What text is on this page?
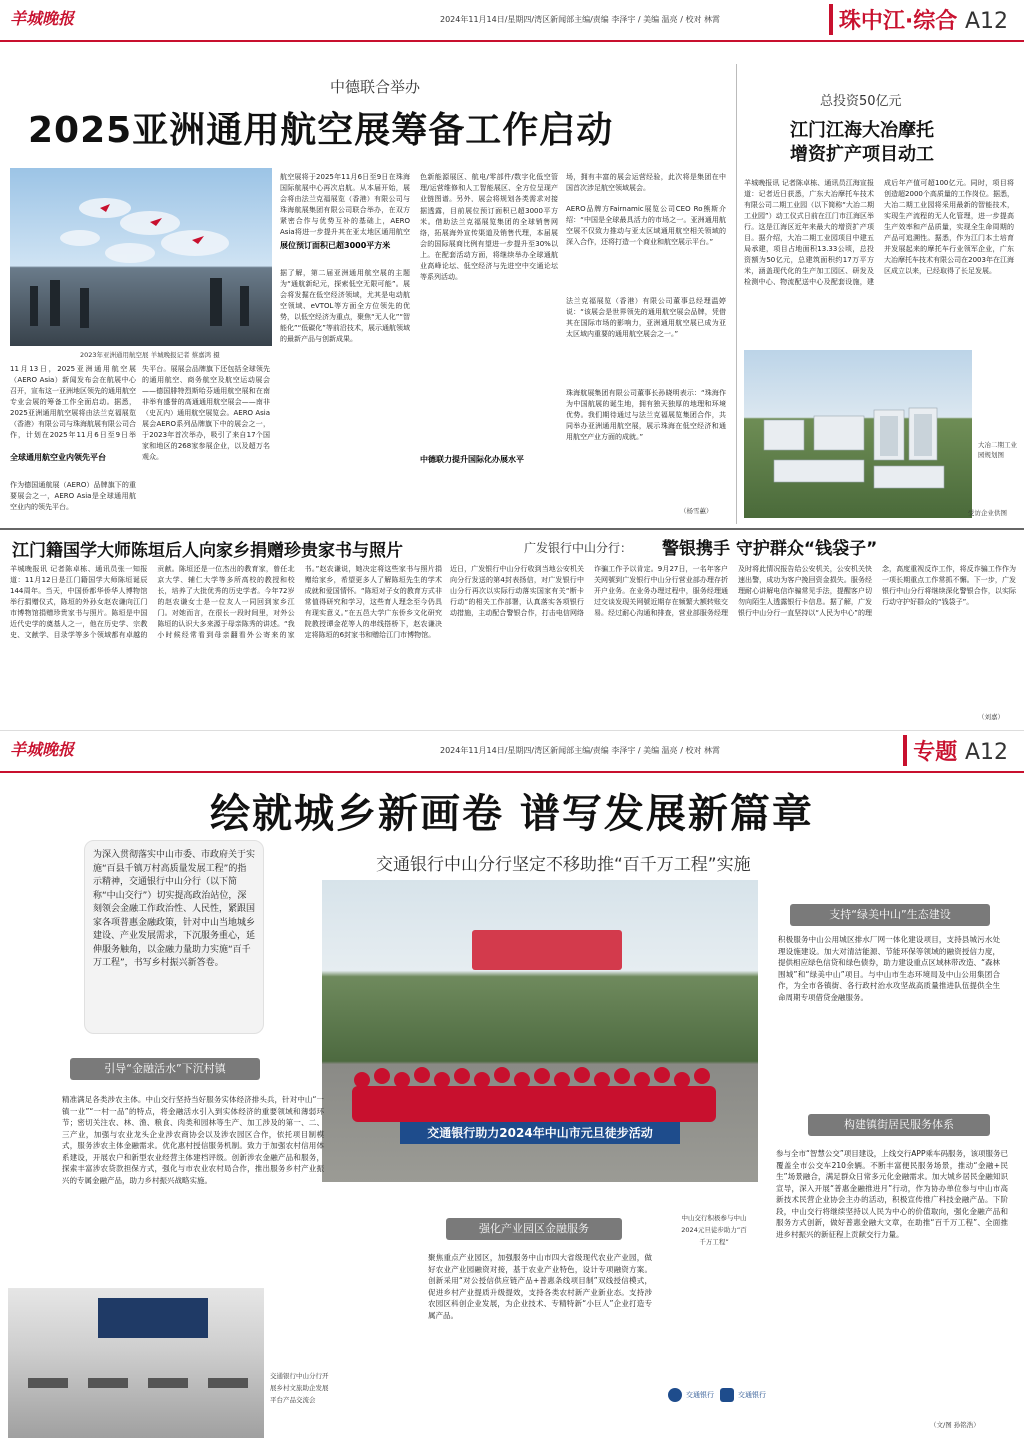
羊城晚报	2024年11月14日/星期四/湾区新闻部主编/责编 李泽宇 / 美编 温亮 / 校对 林霄	珠中江·综合 A12
中德联合举办
2025亚洲通用航空展筹备工作启动
2023年亚洲通用航空展 羊城晚报记者 蔡嘉鸿 摄
11月13日，2025亚洲通用航空展（AERO Asia）新闻发布会在航展中心召开，宣布这一亚洲地区领先的通用航空专业会展的筹备工作全面启动。据悉，2025亚洲通用航空展将由法兰克福展览（香港）有限公司与珠海航展有限公司合作，计划在2025年11月6日至9日举
全球通用航空业内领先平台
作为德国通航展（AERO）品牌旗下的重要展会之一，AERO Asia是全球通用航空业内的领先平台。
失平台。展展会品牌旗下还包括全球领先的通用航空、商务航空及航空运动展会——德国腓特烈斯哈芬通用航空展和在南非举有盛誉的高通通用航空展会——南非（史瓦内）通用航空展览会。AERO Asia展会AERO系列品牌旗下中的展会之一，于2023年首次举办，吸引了来自17个国家和地区的268家参展企业，以及超万名观众。
航空展将于2025年11月6日至9日在珠海国际航展中心再次启航。从本届开始，展会将由法兰克福展览（香港）有限公司与珠海航展集团有限公司联合举办，在双方紧密合作与优势互补的基础上，AERO Asia将进一步提升其在亚太地区通用航空
展位预订面积已超3000平方米
据了解，第二届亚洲通用航空展的主题为“通航新纪元，探索低空无限可能”。展会将发掘在低空经济领域，尤其是电动航空领域、eVTOL等方面全方位领先的优势，以低空经济为重点，聚焦“无人化”“智能化”“低碳化”等前沿技术，展示通航领域的最新产品与创新成果。
色新能源展区、航电/零部件/数字化低空管理/运营维修和人工智能展区、全方位呈现产业链图谱。另外，展会将规划各类需求对接
据透露，目前展位预订面积已超3000平方米。借助法兰克福展览集团的全球销售网络，拓展海外宣传渠道及销售代理，本届展会的国际展商比例有望进一步提升至30%以上。在配套活动方面，将继续举办全球通航业高峰论坛、低空经济与先进空中交通论坛等系列活动。
中德联力提升国际化办展水平
场，拥有丰富的展会运营经验，此次将是集团在中国首次涉足航空领域展会。
AERO品牌方Fairnamic展览公司CEO Ro熊斯介绍：“中国是全球最具活力的市场之一。亚洲通用航空展不仅致力推动与亚太区域通用航空相关领域的深入合作，还将打造一个商业和航空展示平台。”
法兰克福展览（香港）有限公司董事总经理温婷说：“该展会是世界领先的通用航空展会品牌，凭借其在国际市场的影响力，亚洲通用航空展已成为亚太区域内重要的通用航空展会之一。”
珠海航展集团有限公司董事长孙晓明表示：“珠海作为中国航展的诞生地，拥有独天独厚的地理和环境优势。我们期待通过与法兰克福展览集团合作，共同举办亚洲通用航空展，展示珠海在低空经济和通用航空产业方面的成就。”
（杨雪蕙）
总投资50亿元
江门江海大冶摩托
增资扩产项目动工
羊城晚报讯 记者陈卓栋、通讯员江海宣报道：记者近日获悉，广东大冶摩托车技术有限公司二期工业园（以下简称“大冶二期工业园”）动工仪式日前在江门市江海区举行。这是江海区近年来最大的增资扩产项目。据介绍，大冶二期工业园项目中建五局承建，项目占地面积13.33公顷，总投资额为50亿元，总建筑面积约17万平方米，涵盖现代化的生产加工园区、研发及检测中心、物流配送中心及配套设施，建成后年产值可超100亿元。同时，项目将创造超2000个高质量的工作岗位。据悉，大冶二期工业园将采用最新的智能技术，实现生产流程的无人化管理，进一步提高生产效率和产品质量，实现全生命周期的产品可追溯性。据悉，作为江门本土培育并发展起来的摩托车行业领军企业，广东大冶摩托车技术有限公司在2003年在江海区成立以来，已经取得了长足发展。
大冶二期工业园规划图
受访企业供图
江门籍国学大师陈垣后人向家乡捐赠珍贵家书与照片
羊城晚报讯 记者陈卓栋、通讯员张一知报道：11月12日是江门籍国学大师陈垣诞辰144周年。当天，中国侨都华侨华人博物馆举行捐赠仪式，陈垣的外孙女赵农谦向江门市博物馆捐赠珍贵家书与照片。陈垣是中国近代史学的奠基人之一，他在历史学、宗教史、文献学、目录学等多个领域都有卓越的贡献。陈垣还是一位杰出的教育家，曾任北京大学、辅仁大学等多所高校的教授和校长，培养了大批优秀的历史学者。今年72岁的赵农谦女士是一位友人一同回到家乡江门。对她而言，在很长一段时间里，对外公陈垣的认识大多来源于母亲陈秀的讲述。“我小时候经常看到母亲翻看外公寄来的家书。”赵农谦说，她决定将这些家书与照片捐赠给家乡，希望更多人了解陈垣先生的学术成就和爱国情怀。“陈垣对子女的教育方式非常值得研究和学习，这些育人理念至今仍具有现实意义。”在五邑大学广东侨乡文化研究院教授谭金花等人的串线搭桥下，赵农谦决定将陈垣的6封家书和赠给江门市博物馆。
广发银行中山分行： 警银携手 守护群众“钱袋子”
近日，广发银行中山分行收到当地公安机关向分行发送的第4封表扬信，对广发银行中山分行再次以实际行动落实国家有关“断卡行动”的相关工作部署，认真落实各项银行动措施，主动配合警银合作，打击电信网络诈骗工作予以肯定。9月27日，一名年客户关网號到广发银行中山分行营业部办理存折开户业务。在业务办理过程中，服务经理通过交谈发现关网號近期存在频繁大额转账交易。经过耐心沟通和排查，营业部服务经理及时将此情况报告给公安机关，公安机关快速出警，成功为客户挽回资金损失。服务经理耐心讲解电信诈骗常见手法，提醒客户切勿向陌生人透露银行卡信息。据了解，广发银行中山分行一直坚持以“人民为中心”的理念，高度重视反诈工作，将反诈骗工作作为一项长期重点工作常抓不懈。下一步，广发银行中山分行将继续深化警银合作，以实际行动守护好群众的“钱袋子”。
（刘嘉）
羊城晚报	2024年11月14日/星期四/湾区新闻部主编/责编 李泽宇 / 美编 温亮 / 校对 林霄	专题 A12
绘就城乡新画卷 谱写发展新篇章
交通银行中山分行坚定不移助推“百千万工程”实施
为深入贯彻落实中山市委、市政府关于实施“百县千镇万村高质量发展工程”的指示精神，交通银行中山分行（以下简称“中山交行”）切实提高政治站位，深刻领会金融工作政治性、人民性，紧跟国家各项普惠金融政策，针对中山当地城乡建设、产业发展需求，下沉服务重心，延伸服务触角，以金融力量助力实施“百千万工程”，书写乡村振兴新答卷。
交通银行助力2024年中山市元旦徒步活动
中山交行积极参与中山2024元旦徒步助力“百千万工程”
引导“金融活水”下沉村镇
精准满足各类涉农主体。中山交行坚持当好服务实体经济排头兵，针对中山“一镇一业”“一村一品”的特点，将金融活水引入到实体经济的重要领域和薄弱环节；密切关注农、林、渔、粮食、肉类和园林等生产、加工涉及的第一、二、三产业，加强与农业龙头企业涉农商协会以及涉农园区合作，依托项目制模式，服务涉农主体金融需求。优化惠村授信服务机制。致力于加强农村信用体系建设，开展农户和新型农业经营主体建档评级。创新涉农金融产品和服务，探索丰富涉农贷款担保方式，强化与市农业农村局合作，推出服务乡村产业振兴的专属金融产品，助力乡村振兴战略实施。
交通银行中山分行开展乡村文旅助企发展平台产品交流会
支持“绿美中山”生态建设
积极服务中山公用城区排水厂网一体化建设项目，支持县城污水处理设施建设。加大对清洁能源、节能环保等领域的融资授信力度，提供相应绿色信贷和绿色债券，助力建设重点区域林带改造、“森林围城”和“绿美中山”项目。与中山市生态环境局及中山公用集团合作，为全市各镇街、各行政村治水攻坚战高质量推进队伍提供全生命周期专项借贷金融服务。
强化产业园区金融服务
聚焦重点产业园区，加强服务中山市四大省级现代农业产业园，做好农业产业园融资对接，基于农业产业特色，设计专项融资方案。创新采用“对公授信供应链产品+普惠条线项目制”双线授信模式，促进乡村产业提质升级提效，支持各类农村新产业新业态。支持涉农园区科创企业发展，为企业技术、专精特新“小巨人”企业打造专属产品。
构建镇街居民服务体系
参与全市“智慧公交”项目建设，上线交行APP乘车码服务，该项服务已覆盖全市公交车210余辆。不断丰富便民服务场景，推动“金融+民生”场景融合，满足群众日常多元化金融需求。加大城乡居民金融知识宣导，深入开展“普惠金融推进月”行动，作为协办单位参与中山市高新技术民营企业协会主办的活动，积极宣传推广科技金融产品。下阶段，中山交行将继续坚持以人民为中心的价值取向，强化金融产品和服务方式创新，做好普惠金融大文章，在助推“百千万工程”、全面推进乡村振兴的新征程上贡献交行力量。
（文/图 孙铭浩）
交通银行	交通银行
